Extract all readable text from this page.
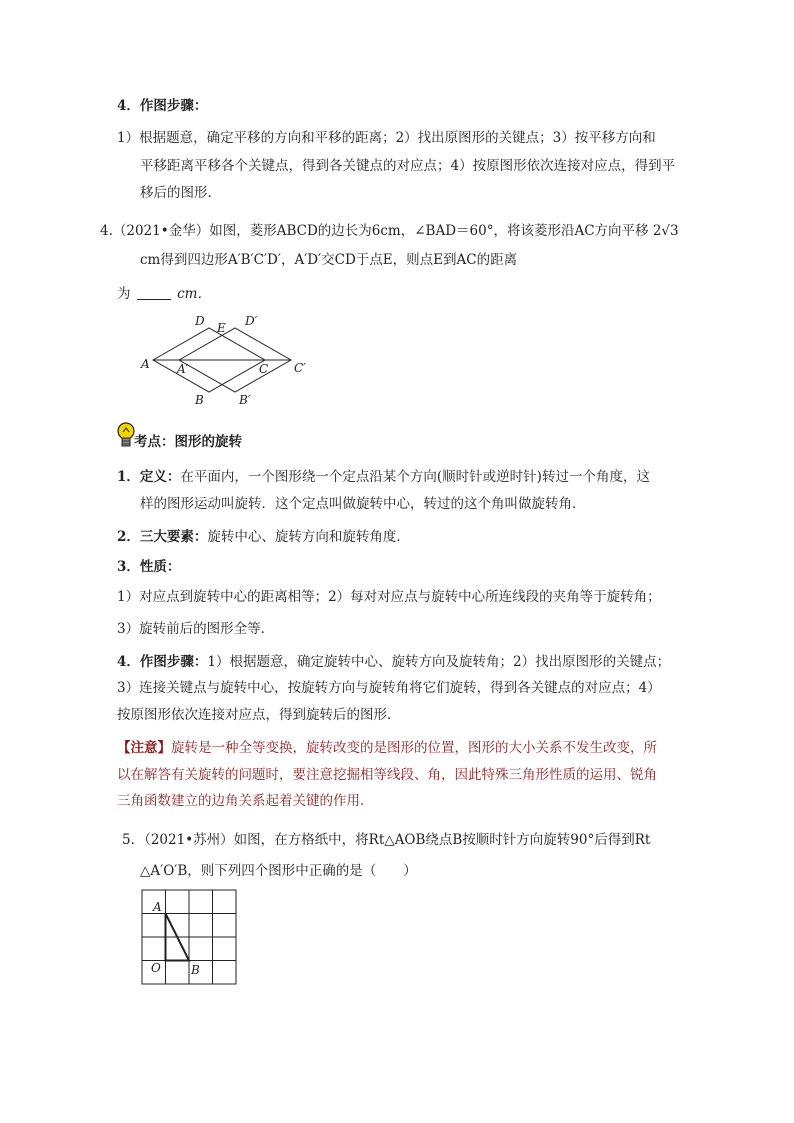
4．作图步骤：
1）根据题意，确定平移的方向和平移的距离；2）找出原图形的关键点；3）按平移方向和
平移距离平移各个关键点，得到各关键点的对应点；4）按原图形依次连接对应点，得到平
移后的图形．
4.（2021•金华）如图，菱形ABCD的边长为6cm，∠BAD＝60°，将该菱形沿AC方向平移 2√3
cm得到四边形A′B′C′D′，A′D′交CD于点E，则点E到AC的距离
为	cm．
D E D′
A A′	C C′
B	B′
考点：图形的旋转
1．定义：在平面内，一个图形绕一个定点沿某个方向(顺时针或逆时针)转过一个角度，这
样的图形运动叫旋转．这个定点叫做旋转中心，转过的这个角叫做旋转角．
2．三大要素：旋转中心、旋转方向和旋转角度．
3．性质：
1）对应点到旋转中心的距离相等；2）每对对应点与旋转中心所连线段的夹角等于旋转角；
3）旋转前后的图形全等．
4．作图步骤：1）根据题意，确定旋转中心、旋转方向及旋转角；2）找出原图形的关键点；
3）连接关键点与旋转中心，按旋转方向与旋转角将它们旋转，得到各关键点的对应点；4）
按原图形依次连接对应点，得到旋转后的图形．
【注意】旋转是一种全等变换，旋转改变的是图形的位置，图形的大小关系不发生改变，所
以在解答有关旋转的问题时，要注意挖掘相等线段、角，因此特殊三角形性质的运用、锐角
三角函数建立的边角关系起着关键的作用．
5．（2021•苏州）如图，在方格纸中，将Rt△AOB绕点B按顺时针方向旋转90°后得到Rt
△A′O′B，则下列四个图形中正确的是（　　）
A
O	B
